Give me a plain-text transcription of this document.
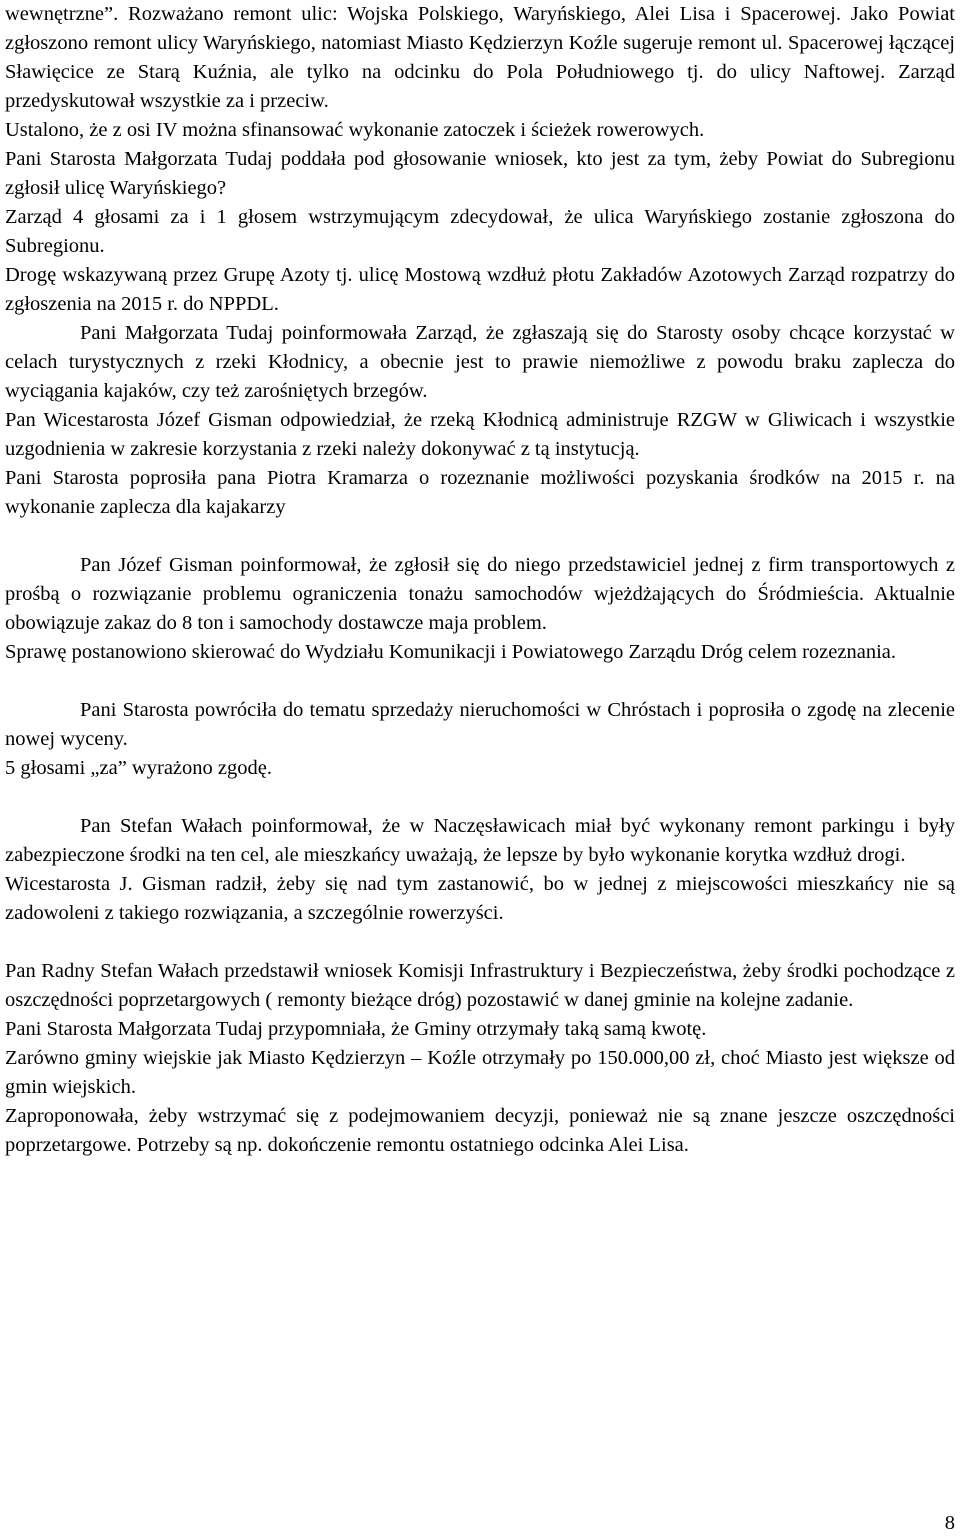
wewnętrzne”. Rozważano remont ulic: Wojska Polskiego, Waryńskiego, Alei Lisa i Spacerowej. Jako Powiat zgłoszono remont ulicy Waryńskiego, natomiast Miasto Kędzierzyn Koźle sugeruje remont ul. Spacerowej łączącej Sławięcice ze Starą Kuźnia, ale tylko na odcinku do Pola Południowego tj. do ulicy Naftowej. Zarząd przedyskutował wszystkie za i przeciw.

Ustalono, że z osi IV można sfinansować wykonanie zatoczek i ścieżek rowerowych.

Pani Starosta Małgorzata Tudaj poddała pod głosowanie wniosek, kto jest za tym, żeby Powiat do Subregionu zgłosił ulicę Waryńskiego?

Zarząd 4 głosami za i 1 głosem wstrzymującym zdecydował, że ulica Waryńskiego zostanie zgłoszona do Subregionu.

Drogę wskazywaną przez Grupę Azoty tj. ulicę Mostową wzdłuż płotu Zakładów Azotowych Zarząd rozpatrzy do zgłoszenia na 2015 r. do NPPDL.

Pani Małgorzata Tudaj poinformowała Zarząd, że zgłaszają się do Starosty osoby chcące korzystać w celach turystycznych z rzeki Kłodnicy, a obecnie jest to prawie niemożliwe z powodu braku zaplecza do wyciągania kajaków, czy też zarośniętych brzegów.

Pan Wicestarosta Józef Gisman odpowiedział, że rzeką Kłodnicą administruje RZGW w Gliwicach i wszystkie uzgodnienia w zakresie korzystania z rzeki należy dokonywać z tą instytucją.

Pani Starosta poprosiła pana Piotra Kramarza o rozeznanie możliwości pozyskania środków na 2015 r. na wykonanie zaplecza dla kajakarzy

Pan Józef Gisman poinformował, że zgłosił się do niego przedstawiciel jednej z firm transportowych z prośbą o rozwiązanie problemu ograniczenia tonażu samochodów wjeżdżających do Śródmieścia. Aktualnie obowiązuje zakaz do 8 ton i samochody dostawcze maja problem.

Sprawę postanowiono skierować do Wydziału Komunikacji i Powiatowego Zarządu Dróg celem rozeznania.

Pani Starosta powróciła do tematu sprzedaży nieruchomości w Chróstach i poprosiła o zgodę na zlecenie nowej wyceny.

5 głosami „za” wyrażono zgodę.

Pan Stefan Wałach poinformował, że w Naczęsławicach miał być wykonany remont parkingu i były zabezpieczone środki na ten cel, ale mieszkańcy uważają, że lepsze by było wykonanie korytka wzdłuż drogi.

Wicestarosta J. Gisman radził, żeby się nad tym zastanowić, bo w jednej z miejscowości mieszkańcy nie są zadowoleni z takiego rozwiązania, a szczególnie rowerzyści.

Pan Radny Stefan Wałach przedstawił wniosek Komisji Infrastruktury i Bezpieczeństwa, żeby środki pochodzące z oszczędności poprzetargowych ( remonty bieżące dróg) pozostawić w danej gminie na kolejne zadanie.

Pani Starosta Małgorzata Tudaj przypomniała, że Gminy otrzymały taką samą kwotę.

Zarówno gminy wiejskie jak Miasto Kędzierzyn – Koźle otrzymały po 150.000,00 zł, choć Miasto jest większe od gmin wiejskich.

Zaproponowała, żeby wstrzymać się z podejmowaniem decyzji, ponieważ nie są znane jeszcze oszczędności poprzetargowe. Potrzeby są np. dokończenie remontu ostatniego odcinka Alei Lisa.

8
